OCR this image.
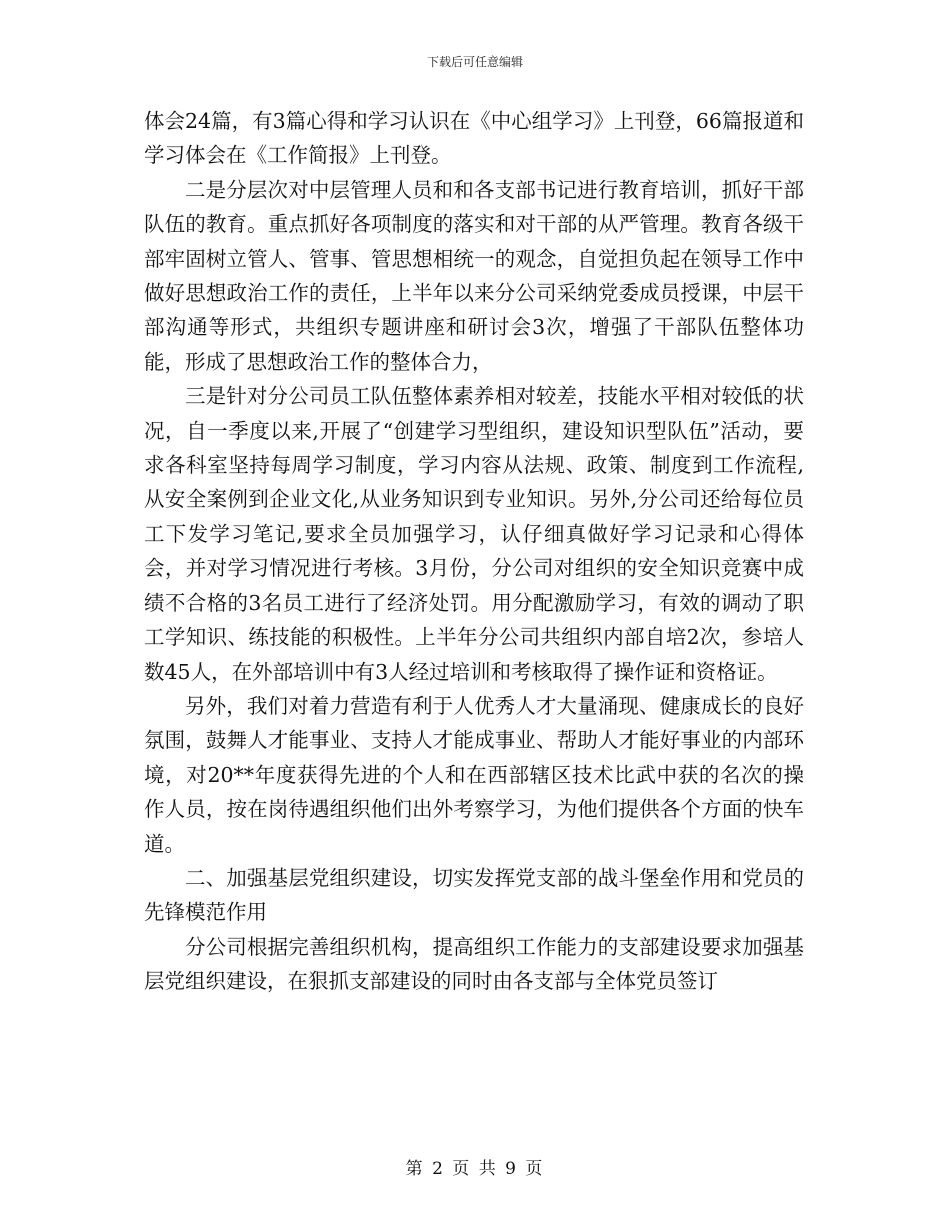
下载后可任意编辑

体会24篇，有3篇心得和学习认识在《中心组学习》上刊登，66篇报道和学习体会在《工作简报》上刊登。

二是分层次对中层管理人员和和各支部书记进行教育培训，抓好干部队伍的教育。重点抓好各项制度的落实和对干部的从严管理。教育各级干部牢固树立管人、管事、管思想相统一的观念，自觉担负起在领导工作中做好思想政治工作的责任，上半年以来分公司采纳党委成员授课，中层干部沟通等形式，共组织专题讲座和研讨会3次，增强了干部队伍整体功能，形成了思想政治工作的整体合力，

三是针对分公司员工队伍整体素养相对较差，技能水平相对较低的状况，自一季度以来,开展了“创建学习型组织，建设知识型队伍”活动，要求各科室坚持每周学习制度，学习内容从法规、政策、制度到工作流程,从安全案例到企业文化,从业务知识到专业知识。另外,分公司还给每位员工下发学习笔记,要求全员加强学习，认仔细真做好学习记录和心得体会，并对学习情况进行考核。3月份，分公司对组织的安全知识竞赛中成绩不合格的3名员工进行了经济处罚。用分配激励学习，有效的调动了职工学知识、练技能的积极性。上半年分公司共组织内部自培2次，参培人数45人，在外部培训中有3人经过培训和考核取得了操作证和资格证。

另外，我们对着力营造有利于人优秀人才大量涌现、健康成长的良好氛围，鼓舞人才能事业、支持人才能成事业、帮助人才能好事业的内部环境，对20**年度获得先进的个人和在西部辖区技术比武中获的名次的操作人员，按在岗待遇组织他们出外考察学习，为他们提供各个方面的快车道。

二、加强基层党组织建设，切实发挥党支部的战斗堡垒作用和党员的先锋模范作用

分公司根据完善组织机构，提高组织工作能力的支部建设要求加强基层党组织建设，在狠抓支部建设的同时由各支部与全体党员签订

第 2 页 共 9 页
